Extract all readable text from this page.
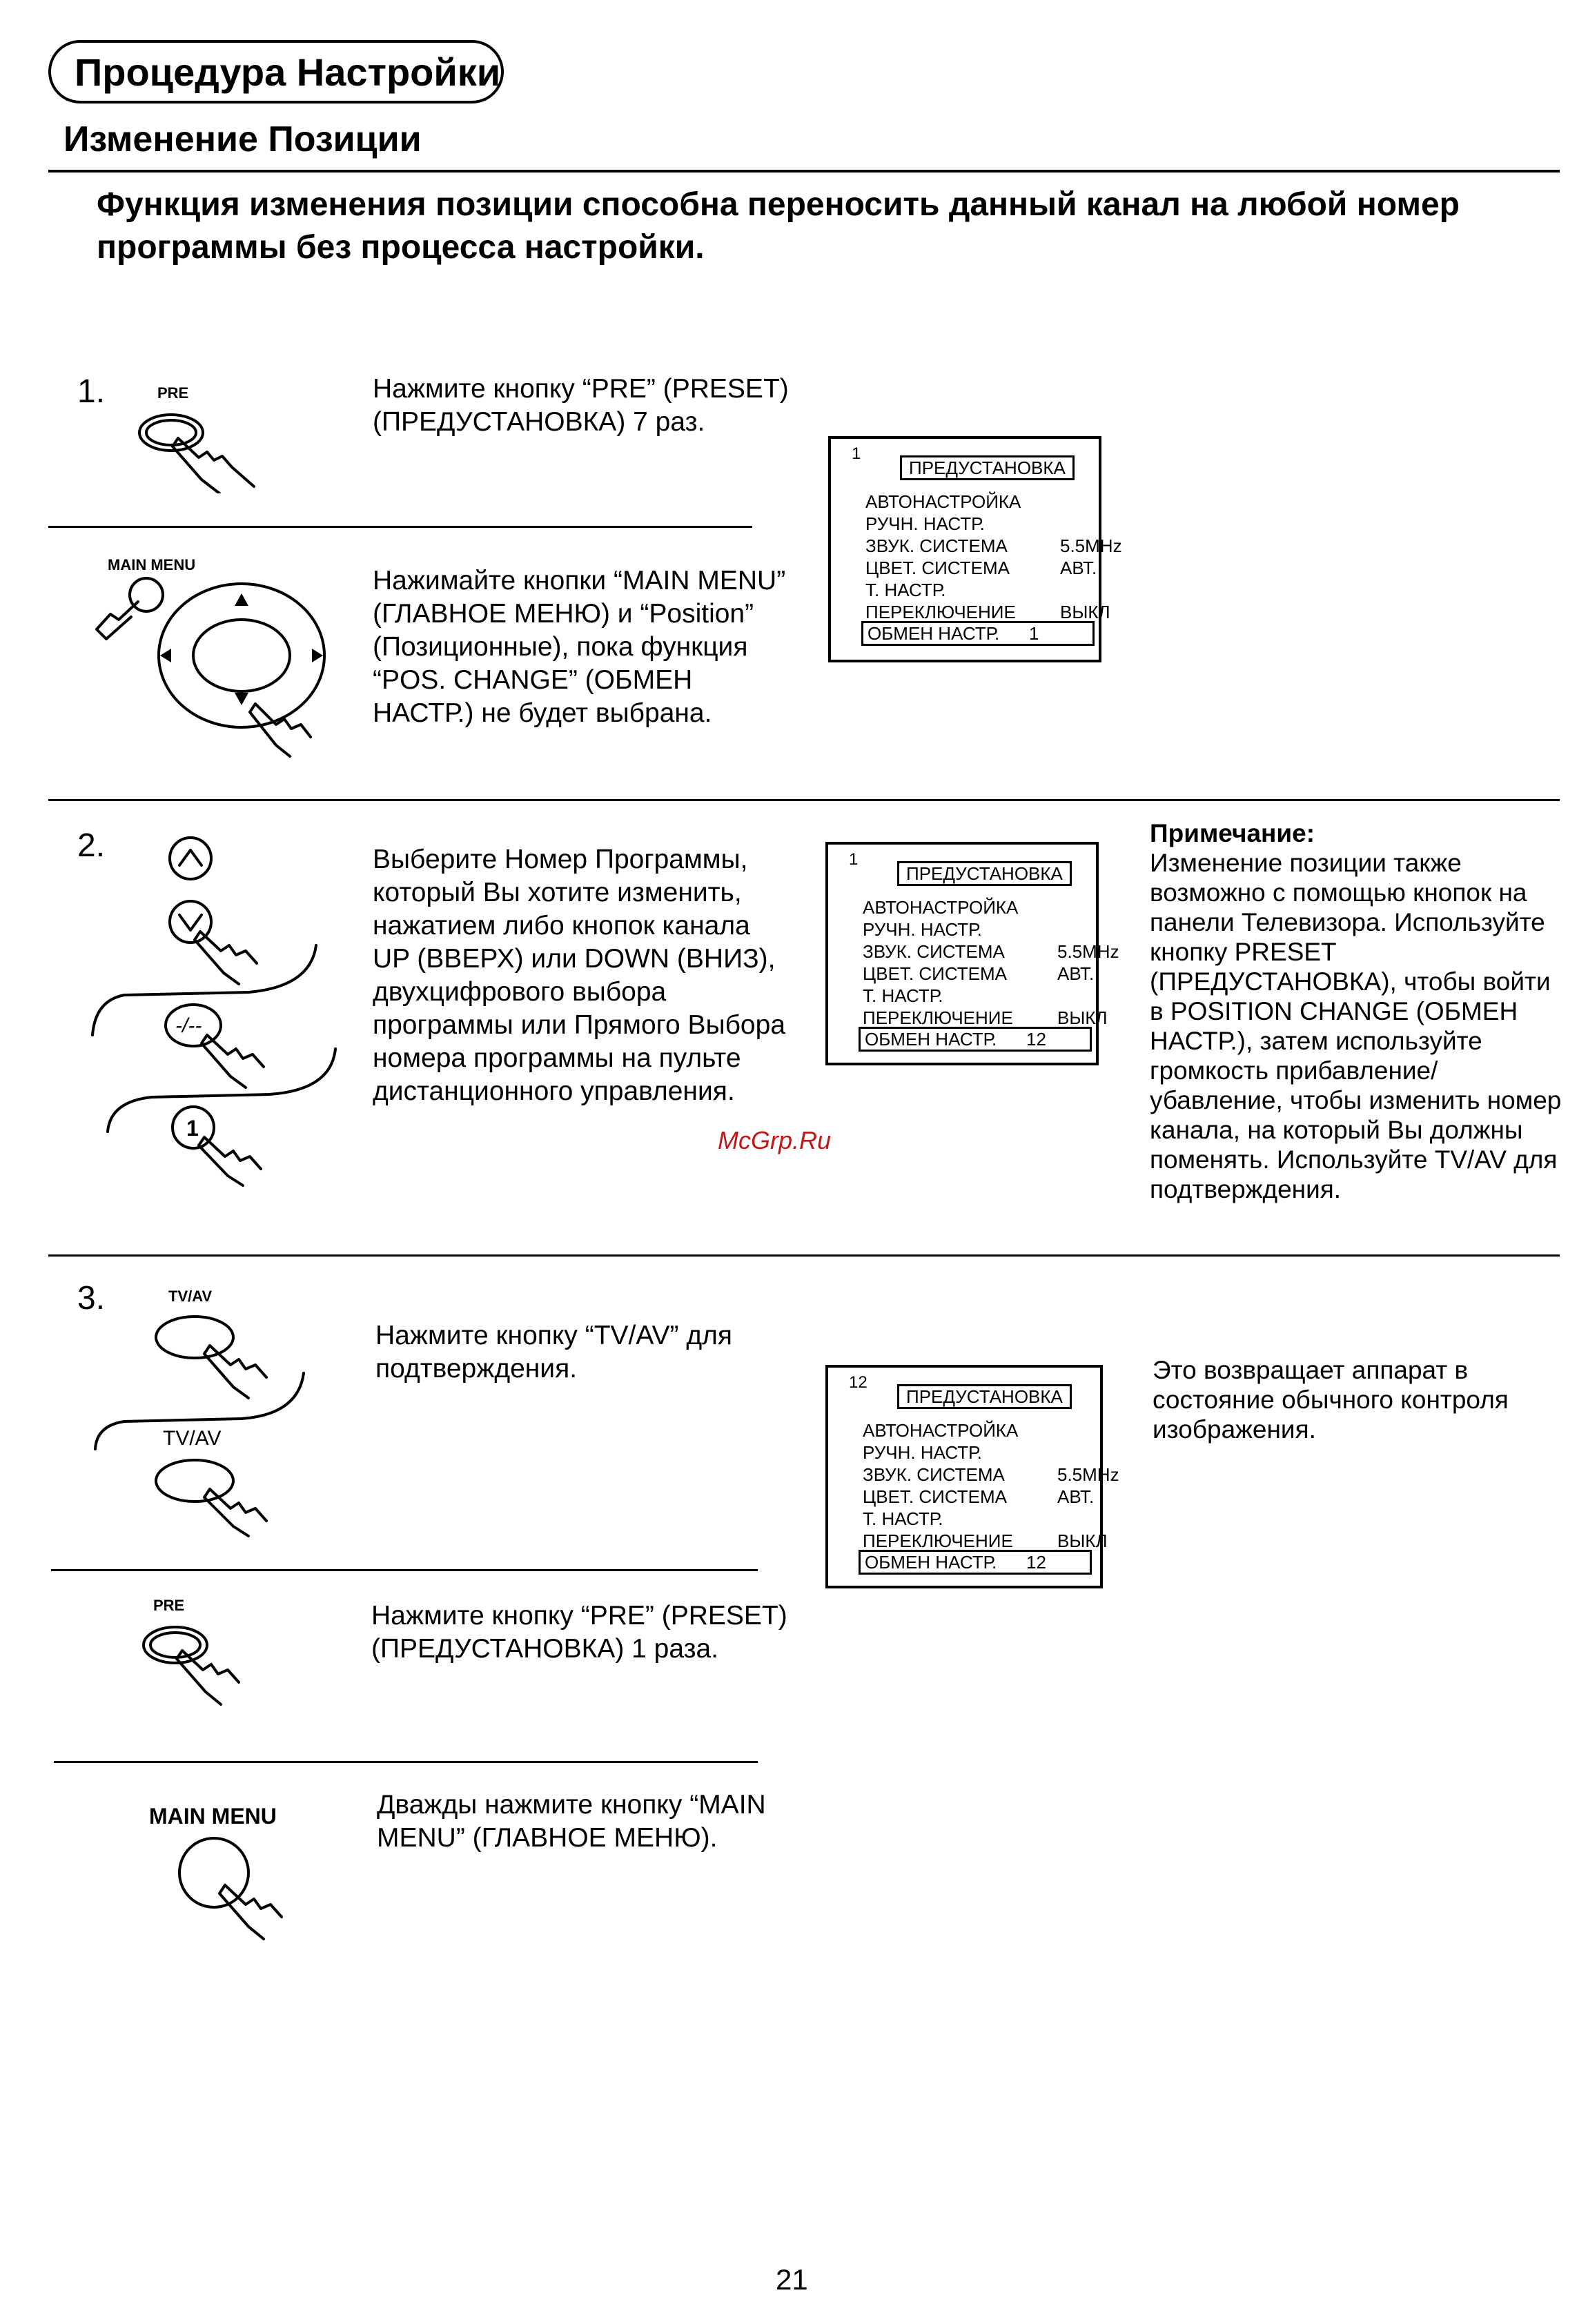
Процедура Настройки
Изменение Позиции
Функция изменения позиции способна переносить данный канал на любой номер программы без процесса настройки.
1.	PRE	Нажмите кнопку “PRE” (PRESET) (ПРЕДУСТАНОВКА) 7 раз.
MAIN MENU
Нажимайте кнопки “MAIN MENU” (ГЛАВНОЕ МЕНЮ) и “Position” (Позиционные), пока функция “POS. CHANGE” (ОБМЕН НАСТР.) не будет выбрана.
1
ПРЕДУСТАНОВКА
АВТОНАСТРОЙКА
РУЧН. НАСТР.
ЗВУК. СИСТЕМА	5.5MHz
ЦВЕТ. СИСТЕМА	АВТ.
Т. НАСТР.
ПЕРЕКЛЮЧЕНИЕ ВЫКЛ
ОБМЕН НАСТР. 1
2.
-/--
1
Выберите Номер Программы, который Вы хотите изменить, нажатием либо кнопок канала UP (ВВЕРХ) или DOWN (ВНИЗ), двухцифрового выбора программы или Прямого Выбора номера программы на пульте дистанционного управления.
1
ПРЕДУСТАНОВКА
АВТОНАСТРОЙКА
РУЧН. НАСТР.
ЗВУК. СИСТЕМА	5.5MHz
ЦВЕТ. СИСТЕМА	АВТ.
Т. НАСТР.
ПЕРЕКЛЮЧЕНИЕ ВЫКЛ
ОБМЕН НАСТР. 12
Примечание:
Изменение позиции также возможно с помощью кнопок на панели Телевизора. Используйте кнопку PRESET (ПРЕДУСТАНОВКА), чтобы войти в POSITION CHANGE (ОБМЕН НАСТР.), затем используйте громкость прибавление/убавление, чтобы изменить номер канала, на который Вы должны поменять. Используйте TV/AV для подтверждения.
McGrp.Ru
3.	TV/AV
TV/AV
Нажмите кнопку “TV/AV” для подтверждения.	12
ПРЕДУСТАНОВКА
АВТОНАСТРОЙКА
РУЧН. НАСТР.
ЗВУК. СИСТЕМА	5.5MHz
ЦВЕТ. СИСТЕМА	АВТ.
Т. НАСТР.
ПЕРЕКЛЮЧЕНИЕ ВЫКЛ
ОБМЕН НАСТР. 12
Это возвращает аппарат в состояние обычного контроля изображения.
PRE	Нажмите кнопку “PRE” (PRESET) (ПРЕДУСТАНОВКА) 1 раза.
MAIN MENU	Дважды нажмите кнопку “MAIN MENU” (ГЛАВНОЕ МЕНЮ).
21
